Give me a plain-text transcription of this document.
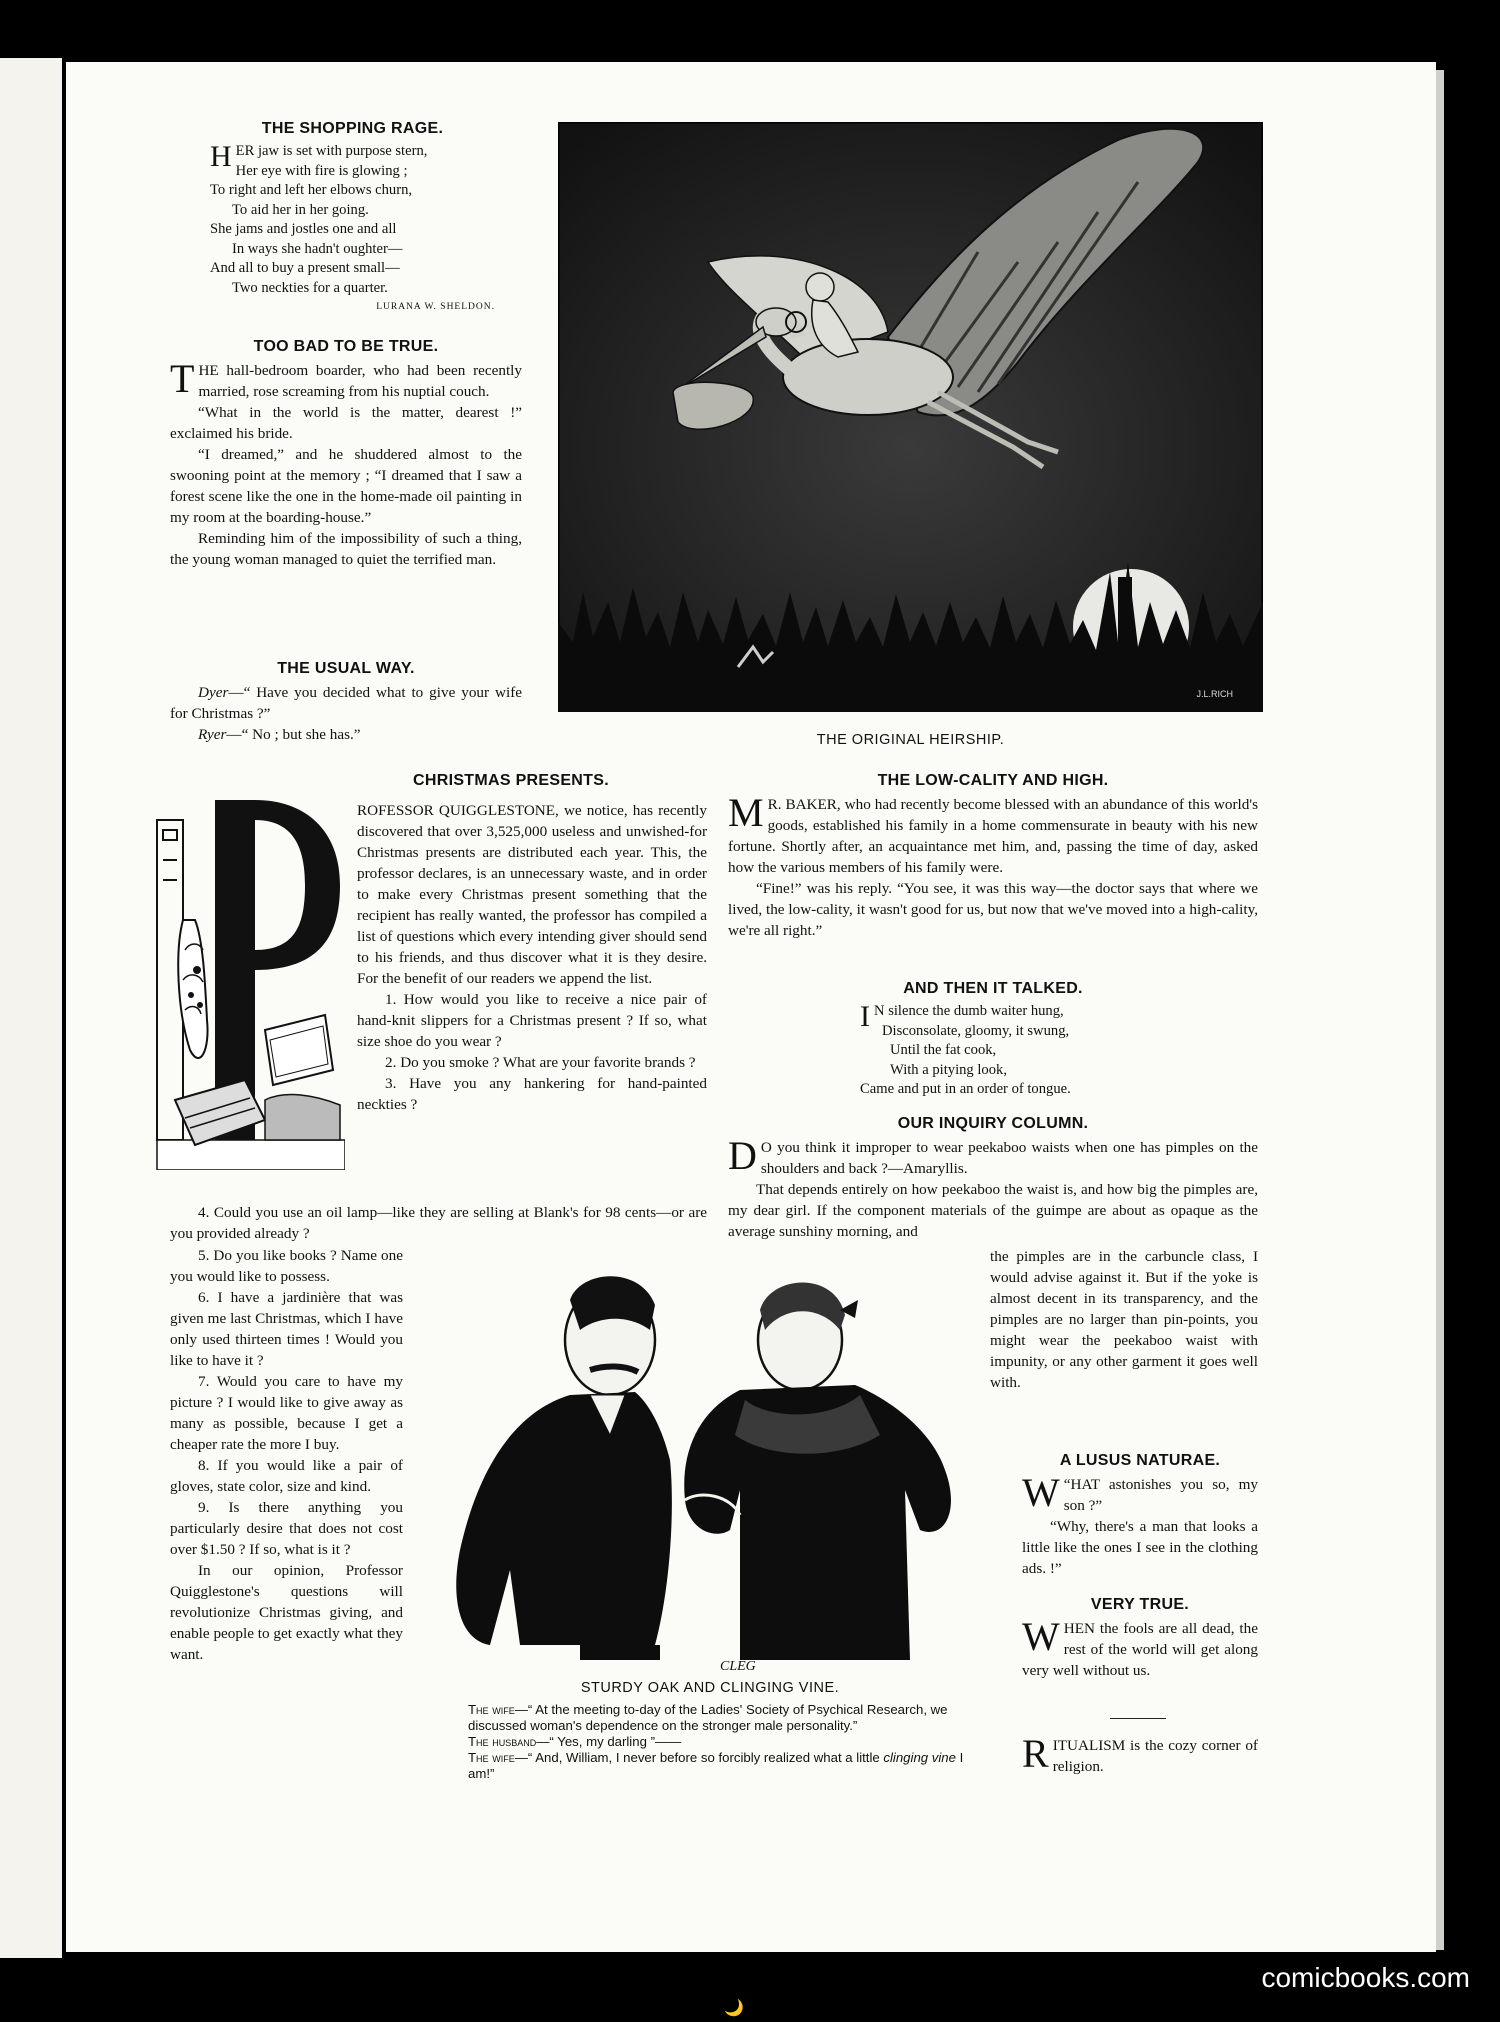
THE SHOPPING RAGE.
HER jaw is set with purpose stern,
Her eye with fire is glowing ;
To right and left her elbows churn,
To aid her in her going.
She jams and jostles one and all
In ways she hadn't oughter—
And all to buy a present small—
Two neckties for a quarter.
LURANA W. SHELDON.
TOO BAD TO BE TRUE.

THE hall-bedroom boarder, who had been recently married, rose screaming from his nuptial couch.

“What in the world is the matter, dearest !” exclaimed his bride.

“I dreamed,” and he shuddered almost to the swooning point at the memory ; “I dreamed that I saw a forest scene like the one in the home-made oil painting in my room at the boarding-house.”

Reminding him of the impossibility of such a thing, the young woman managed to quiet the terrified man.

THE USUAL WAY.

Dyer—“ Have you decided what to give your wife for Christmas ?”

Ryer—“ No ; but she has.”

J.L.RICH
THE ORIGINAL HEIRSHIP.
CHRISTMAS PRESENTS.

ROFESSOR QUIGGLESTONE, we notice, has recently discovered that over 3,525,000 useless and unwished-for Christmas presents are distributed each year. This, the professor declares, is an unnecessary waste, and in order to make every Christmas present something that the recipient has really wanted, the professor has compiled a list of questions which every intending giver should send to his friends, and thus discover what it is they desire. For the benefit of our readers we append the list.

1. How would you like to receive a nice pair of hand-knit slippers for a Christmas present ? If so, what size shoe do you wear ?

2. Do you smoke ? What are your favorite brands ?

3. Have you any hankering for hand-painted neckties ?

4. Could you use an oil lamp—like they are selling at Blank's for 98 cents—or are you provided already ?

5. Do you like books ? Name one you would like to possess.

6. I have a jardinière that was given me last Christmas, which I have only used thirteen times ! Would you like to have it ?

7. Would you care to have my picture ? I would like to give away as many as possible, because I get a cheaper rate the more I buy.

8. If you would like a pair of gloves, state color, size and kind.

9. Is there anything you particularly desire that does not cost over $1.50 ? If so, what is it ?

In our opinion, Professor Quigglestone's questions will revolutionize Christmas giving, and enable people to get exactly what they want.

THE LOW-CALITY AND HIGH.

M R. BAKER, who had recently become blessed with an abundance of this world's goods, established his family in a home commensurate in beauty with his new fortune. Shortly after, an acquaintance met him, and, passing the time of day, asked how the various members of his family were.

“Fine!” was his reply. “You see, it was this way—the doctor says that where we lived, the low-cality, it wasn't good for us, but now that we've moved into a high-cality, we're all right.”

AND THEN IT TALKED.
I N silence the dumb waiter hung,
Disconsolate, gloomy, it swung,
Until the fat cook,
With a pitying look,
Came and put in an order of tongue.
OUR INQUIRY COLUMN.

D O you think it improper to wear peekaboo waists when one has pimples on the shoulders and back ?—Amaryllis.

That depends entirely on how peekaboo the waist is, and how big the pimples are, my dear girl. If the component materials of the guimpe are about as opaque as the average sunshiny morning, and

the pimples are in the carbuncle class, I would advise against it. But if the yoke is almost decent in its transparency, and the pimples are no larger than pin-points, you might wear the peekaboo waist with impunity, or any other garment it goes well with.

A LUSUS NATURAE.

“
W HAT astonishes you so, my son ?”

“Why, there's a man that looks a little like the ones I see in the clothing ads. !”

VERY TRUE.

WHEN the fools are all dead, the rest of the world will get along very well without us.

RITUALISM is the cozy corner of religion.

CLEG
STURDY OAK AND CLINGING VINE.
The wife—“ At the meeting to-day of the Ladies' Society of Psychical Research, we discussed woman's dependence on the stronger male personality.”
The husband—“ Yes, my darling ”——
The wife—“ And, William, I never before so forcibly realized what a little clinging vine I am!”
🌙
comicbooks.com
